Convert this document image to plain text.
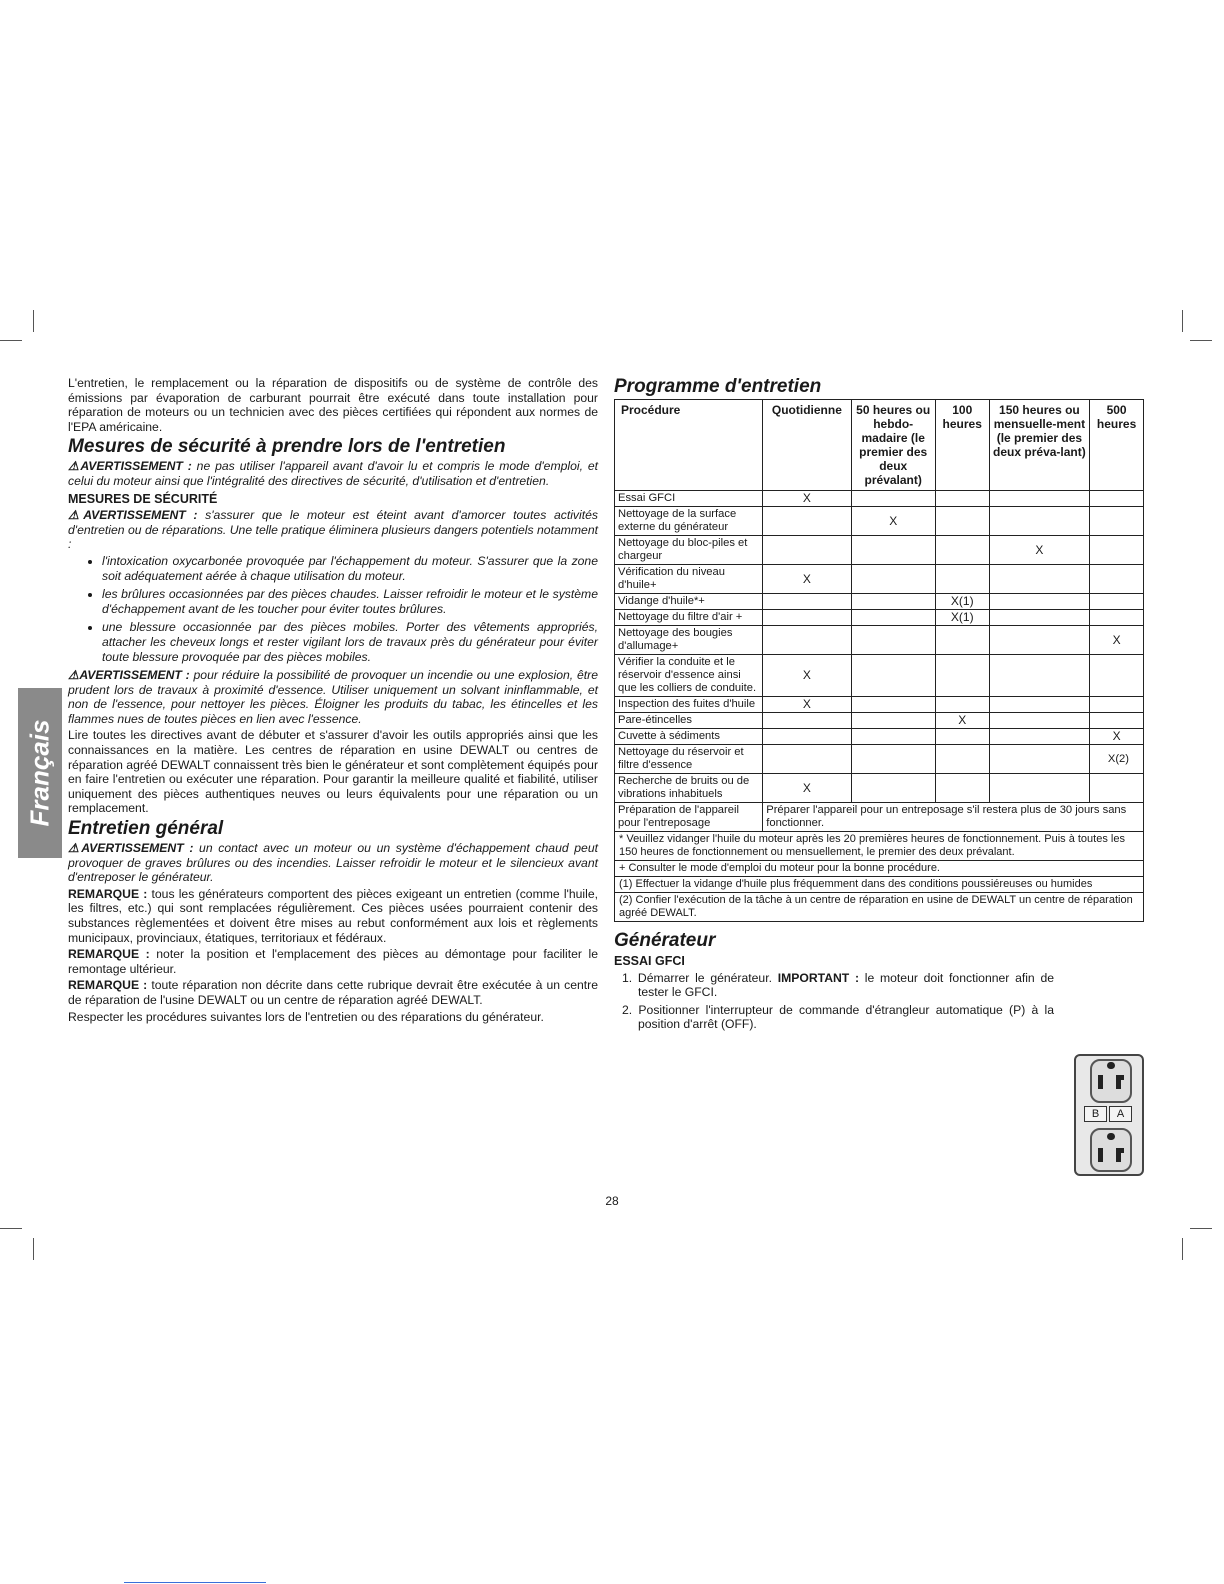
Français

L'entretien, le remplacement ou la réparation de dispositifs ou de système de contrôle des émissions par évaporation de carburant pourrait être exécuté dans toute installation pour réparation de moteurs ou un technicien avec des pièces certifiées qui répondent aux normes de l'EPA américaine.

Mesures de sécurité à prendre lors de l'entretien

⚠AVERTISSEMENT : ne pas utiliser l'appareil avant d'avoir lu et compris le mode d'emploi, et celui du moteur ainsi que l'intégralité des directives de sécurité, d'utilisation et d'entretien.

MESURES DE SÉCURITÉ

⚠AVERTISSEMENT : s'assurer que le moteur est éteint avant d'amorcer toutes activités d'entretien ou de réparations. Une telle pratique éliminera plusieurs dangers potentiels notamment :

• l'intoxication oxycarbonée provoquée par l'échappement du moteur. S'assurer que la zone soit adéquatement aérée à chaque utilisation du moteur.
• les brûlures occasionnées par des pièces chaudes. Laisser refroidir le moteur et le système d'échappement avant de les toucher pour éviter toutes brûlures.
• une blessure occasionnée par des pièces mobiles. Porter des vêtements appropriés, attacher les cheveux longs et rester vigilant lors de travaux près du générateur pour éviter toute blessure provoquée par des pièces mobiles.

⚠AVERTISSEMENT : pour réduire la possibilité de provoquer un incendie ou une explosion, être prudent lors de travaux à proximité d'essence. Utiliser uniquement un solvant ininflammable, et non de l'essence, pour nettoyer les pièces. Éloigner les produits du tabac, les étincelles et les flammes nues de toutes pièces en lien avec l'essence.

Lire toutes les directives avant de débuter et s'assurer d'avoir les outils appropriés ainsi que les connaissances en la matière. Les centres de réparation en usine DEWALT ou centres de réparation agréé DEWALT connaissent très bien le générateur et sont complètement équipés pour en faire l'entretien ou exécuter une réparation. Pour garantir la meilleure qualité et fiabilité, utiliser uniquement des pièces authentiques neuves ou leurs équivalents pour une réparation ou un remplacement.

Entretien général

⚠AVERTISSEMENT : un contact avec un moteur ou un système d'échappement chaud peut provoquer de graves brûlures ou des incendies. Laisser refroidir le moteur et le silencieux avant d'entreposer le générateur.

REMARQUE : tous les générateurs comportent des pièces exigeant un entretien (comme l'huile, les filtres, etc.) qui sont remplacées régulièrement. Ces pièces usées pourraient contenir des substances règlementées et doivent être mises au rebut conformément aux lois et règlements municipaux, provinciaux, étatiques, territoriaux et fédéraux.

REMARQUE : noter la position et l'emplacement des pièces au démontage pour faciliter le remontage ultérieur.

REMARQUE : toute réparation non décrite dans cette rubrique devrait être exécutée à un centre de réparation de l'usine DEWALT ou un centre de réparation agréé DEWALT.

Respecter les procédures suivantes lors de l'entretien ou des réparations du générateur.

Programme d'entretien
Procédure	Quotidienne	50 heures ou hebdo-madaire (le premier des deux prévalant)	100 heures	150 heures ou mensuelle-ment (le premier des deux préva-lant)	500 heures
Essai GFCI	X				
Nettoyage de la surface externe du générateur		X			
Nettoyage du bloc-piles et chargeur				X	
Vérification du niveau d'huile+	X				
Vidange d'huile*+			X(1)		
Nettoyage du filtre d'air +			X(1)		
Nettoyage des bougies d'allumage+					X
Vérifier la conduite et le réservoir d'essence ainsi que les colliers de conduite.	X				
Inspection des fuites d'huile	X				
Pare-étincelles			X		
Cuvette à sédiments					X
Nettoyage du réservoir et filtre d'essence					X(2)
Recherche de bruits ou de vibrations inhabituels	X				
Préparation de l'appareil pour l'entreposage	Préparer l'appareil pour un entreposage s'il restera plus de 30 jours sans fonctionner.				
* Veuillez vidanger l'huile du moteur après les 20 premières heures de fonctionnement. Puis à toutes les 150 heures de fonctionnement ou mensuellement, le premier des deux prévalant.					
+ Consulter le mode d'emploi du moteur pour la bonne procédure.					
(1) Effectuer la vidange d'huile plus fréquemment dans des conditions poussiéreuses ou humides					
(2) Confier l'exécution de la tâche à un centre de réparation en usine de DEWALT un centre de réparation agréé DEWALT.					
Générateur
ESSAI GFCI

1. Démarrer le générateur. IMPORTANT : le moteur doit fonctionner afin de tester le GFCI.

2. Positionner l'interrupteur de commande d'étrangleur automatique (P) à la position d'arrêt (OFF).

B	A
28
